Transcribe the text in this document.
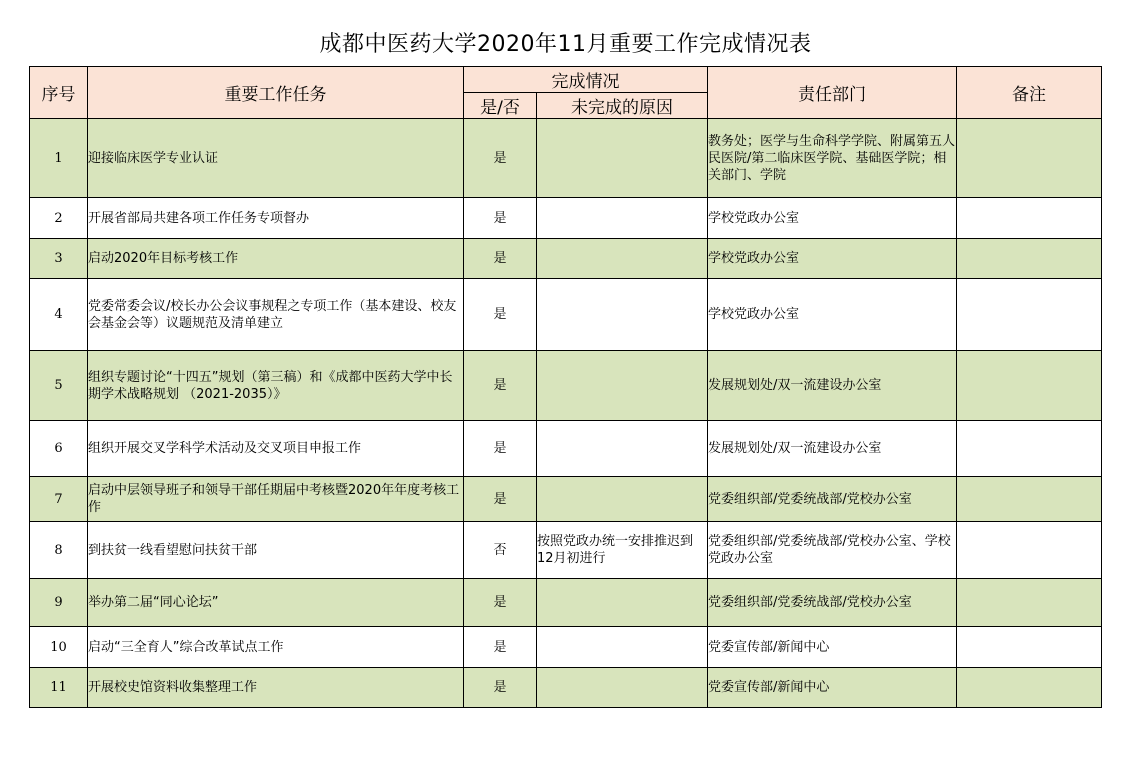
成都中医药大学2020年11月重要工作完成情况表
序号	重要工作任务	完成情况		责任部门	备注
		是/否	未完成的原因		
1	迎接临床医学专业认证	是		教务处；医学与生命科学学院、附属第五人民医院/第二临床医学院、基础医学院；相关部门、学院	
2	开展省部局共建各项工作任务专项督办	是		学校党政办公室	
3	启动2020年目标考核工作	是		学校党政办公室	
4	党委常委会议/校长办公会议事规程之专项工作（基本建设、校友会基金会等）议题规范及清单建立	是		学校党政办公室	
5	组织专题讨论“十四五”规划（第三稿）和《成都中医药大学中长期学术战略规划 （2021-2035）》	是		发展规划处/双一流建设办公室	
6	组织开展交叉学科学术活动及交叉项目申报工作	是		发展规划处/双一流建设办公室	
7	启动中层领导班子和领导干部任期届中考核暨2020年年度考核工作	是		党委组织部/党委统战部/党校办公室	
8	到扶贫一线看望慰问扶贫干部	否	按照党政办统一安排推迟到12月初进行	党委组织部/党委统战部/党校办公室、学校党政办公室	
9	举办第二届“同心论坛”	是		党委组织部/党委统战部/党校办公室	
10	启动“三全育人”综合改革试点工作	是		党委宣传部/新闻中心	
11	开展校史馆资料收集整理工作	是		党委宣传部/新闻中心	
